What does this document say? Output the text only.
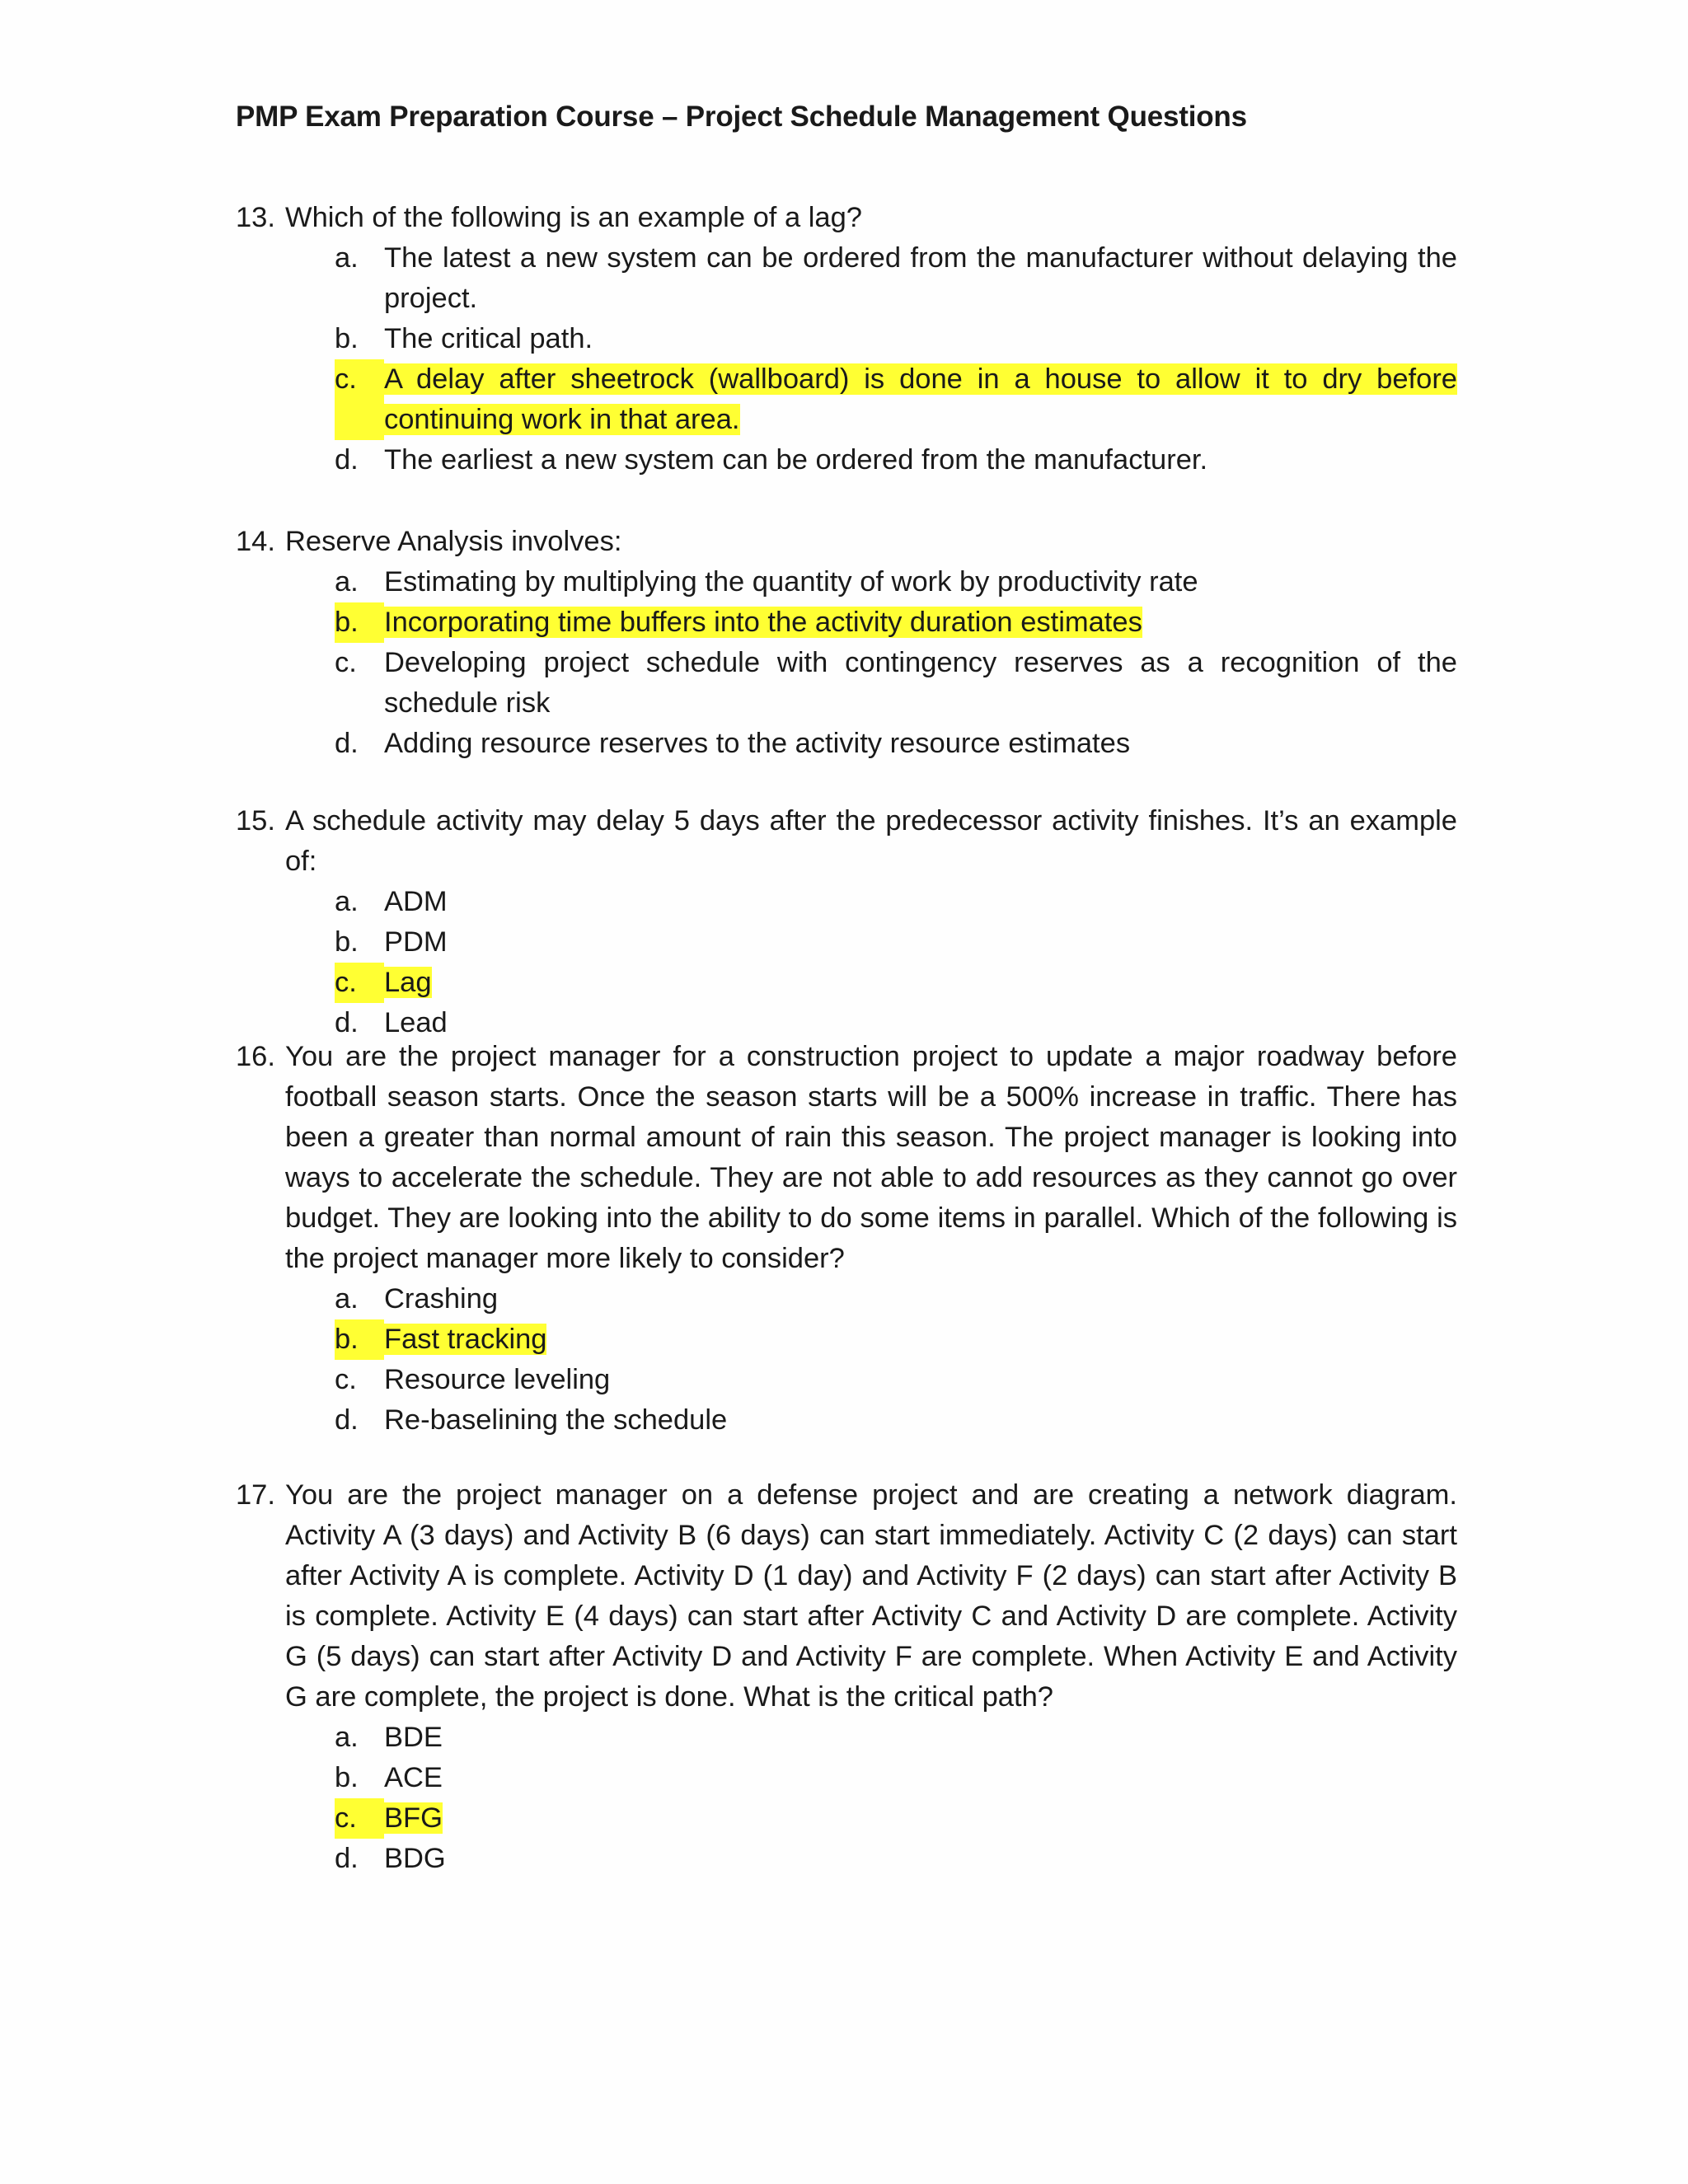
PMP Exam Preparation Course – Project Schedule Management Questions
13. Which of the following is an example of a lag?
a. The latest a new system can be ordered from the manufacturer without delaying the project.
b. The critical path.
c. A delay after sheetrock (wallboard) is done in a house to allow it to dry before continuing work in that area.
d. The earliest a new system can be ordered from the manufacturer.
14. Reserve Analysis involves:
a. Estimating by multiplying the quantity of work by productivity rate
b. Incorporating time buffers into the activity duration estimates
c. Developing project schedule with contingency reserves as a recognition of the schedule risk
d. Adding resource reserves to the activity resource estimates
15. A schedule activity may delay 5 days after the predecessor activity finishes. It’s an example of:
a. ADM
b. PDM
c. Lag
d. Lead
16. You are the project manager for a construction project to update a major roadway before football season starts. Once the season starts will be a 500% increase in traffic. There has been a greater than normal amount of rain this season. The project manager is looking into ways to accelerate the schedule. They are not able to add resources as they cannot go over budget. They are looking into the ability to do some items in parallel. Which of the following is the project manager more likely to consider?
a. Crashing
b. Fast tracking
c. Resource leveling
d. Re-baselining the schedule
17. You are the project manager on a defense project and are creating a network diagram. Activity A (3 days) and Activity B (6 days) can start immediately. Activity C (2 days) can start after Activity A is complete. Activity D (1 day) and Activity F (2 days) can start after Activity B is complete. Activity E (4 days) can start after Activity C and Activity D are complete. Activity G (5 days) can start after Activity D and Activity F are complete. When Activity E and Activity G are complete, the project is done. What is the critical path?
a. BDE
b. ACE
c. BFG
d. BDG
